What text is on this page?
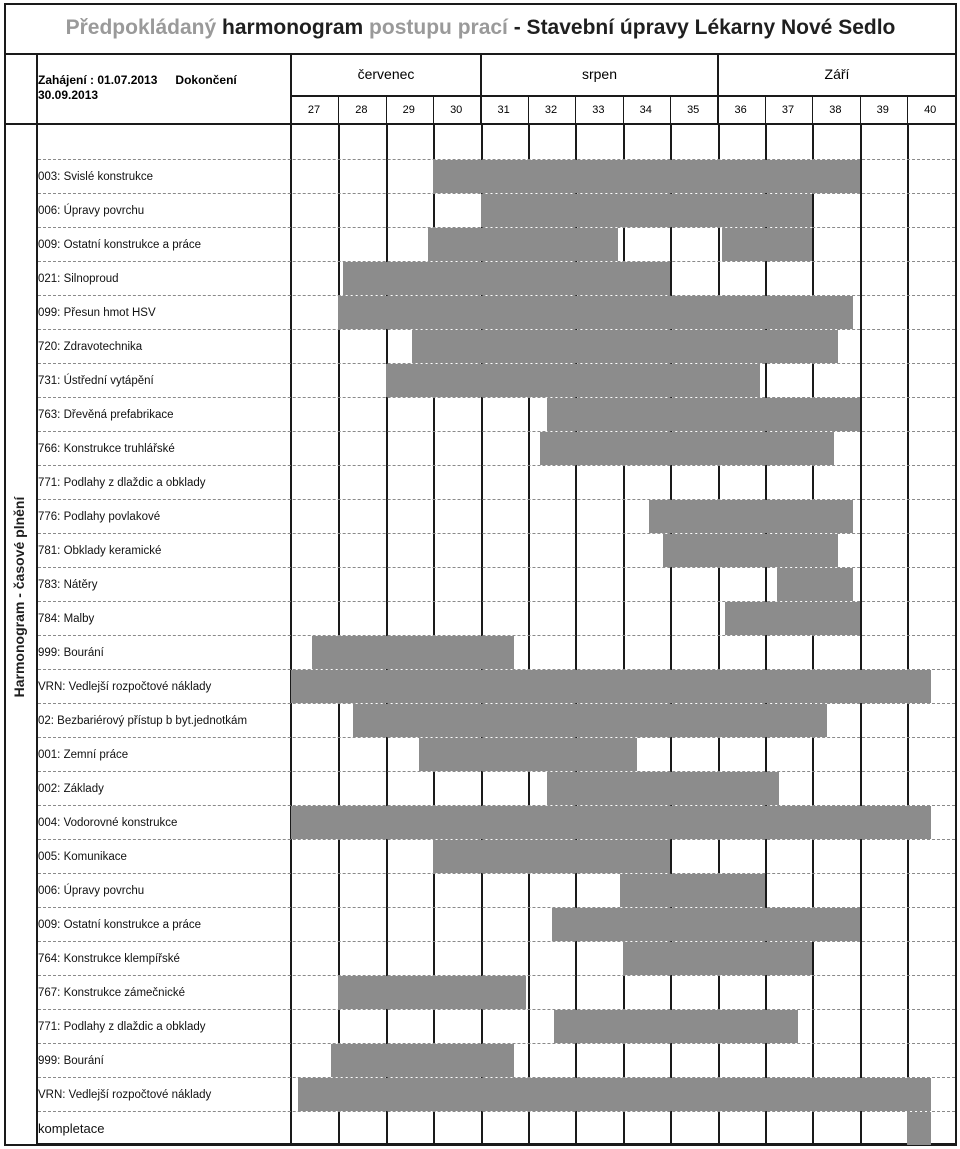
Předpokládaný harmonogram postupu prací - Stavební úpravy Lékarny Nové Sedlo
Zahájení : 01.07.2013 Dokončení
30.09.2013
červenec	srpen	Září
27	28	29	30	31	32	33	34	35	36	37	38	39	40
Harmonogram - časové plnění
003: Svislé konstrukce
006: Úpravy povrchu
009: Ostatní konstrukce a práce
021: Silnoproud
099: Přesun hmot HSV
720: Zdravotechnika
731: Ústřední vytápění
763: Dřevěná prefabrikace
766: Konstrukce truhlářské
771: Podlahy z dlaždic a obklady
776: Podlahy povlakové
781: Obklady keramické
783: Nátěry
784: Malby
999: Bourání
VRN: Vedlejší rozpočtové náklady
02: Bezbariérový přístup b byt.jednotkám
001: Zemní práce
002: Základy
004: Vodorovné konstrukce
005: Komunikace
006: Úpravy povrchu
009: Ostatní konstrukce a práce
764: Konstrukce klempířské
767: Konstrukce zámečnické
771: Podlahy z dlaždic a obklady
999: Bourání
VRN: Vedlejší rozpočtové náklady
kompletace
